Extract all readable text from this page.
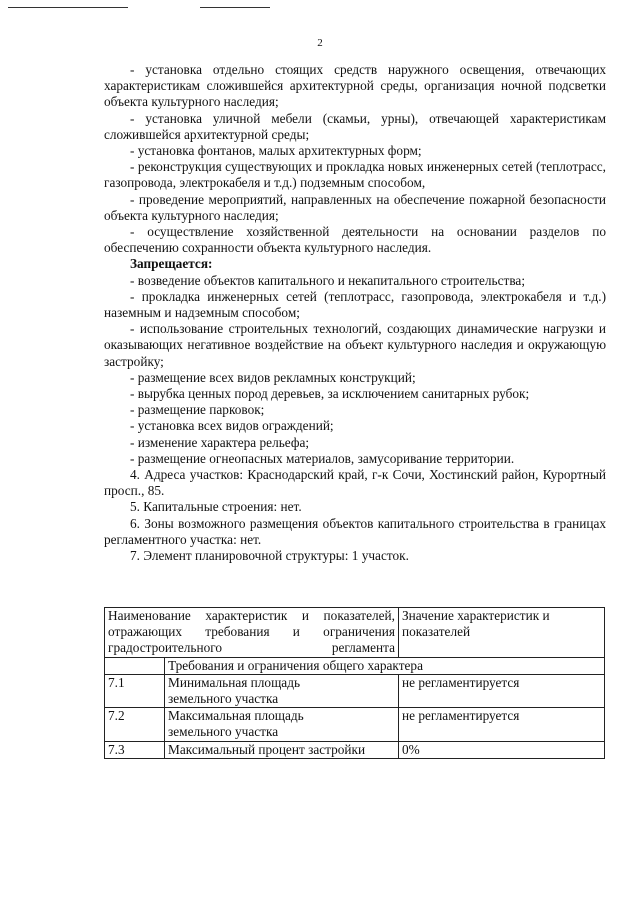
2

- установка отдельно стоящих средств наружного освещения, отвечающих характеристикам сложившейся архитектурной среды, организация ночной подсветки объекта культурного наследия;

- установка уличной мебели (скамьи, урны), отвечающей характеристикам сложившейся архитектурной среды;

- установка фонтанов, малых архитектурных форм;

- реконструкция существующих и прокладка новых инженерных сетей (теплотрасс, газопровода, электрокабеля и т.д.) подземным способом,

- проведение мероприятий, направленных на обеспечение пожарной безопасности объекта культурного наследия;

- осуществление хозяйственной деятельности на основании разделов по обеспечению сохранности объекта культурного наследия.

Запрещается:

- возведение объектов капитального и некапитального строительства;

- прокладка инженерных сетей (теплотрасс, газопровода, электрокабеля и т.д.) наземным и надземным способом;

- использование строительных технологий, создающих динамические нагрузки и оказывающих негативное воздействие на объект культурного наследия и окружающую застройку;

- размещение всех видов рекламных конструкций;

- вырубка ценных пород деревьев, за исключением санитарных рубок;

- размещение парковок;

- установка всех видов ограждений;

- изменение характера рельефа;

- размещение огнеопасных материалов, замусоривание территории.

4. Адреса участков: Краснодарский край, г-к Сочи, Хостинский район, Курортный просп., 85.

5. Капитальные строения: нет.

6. Зоны возможного размещения объектов капитального строительства в границах регламентного участка: нет.

7. Элемент планировочной структуры: 1 участок.

Наименование характеристик и показателей, отражающих требования и ограничения градостроительного регламента		Значение характеристик и показателей
	Требования и ограничения общего характера	
7.1	Минимальная площадь земельного участка	не регламентируется
7.2	Максимальная площадь земельного участка	не регламентируется
7.3	Максимальный процент застройки	0%
